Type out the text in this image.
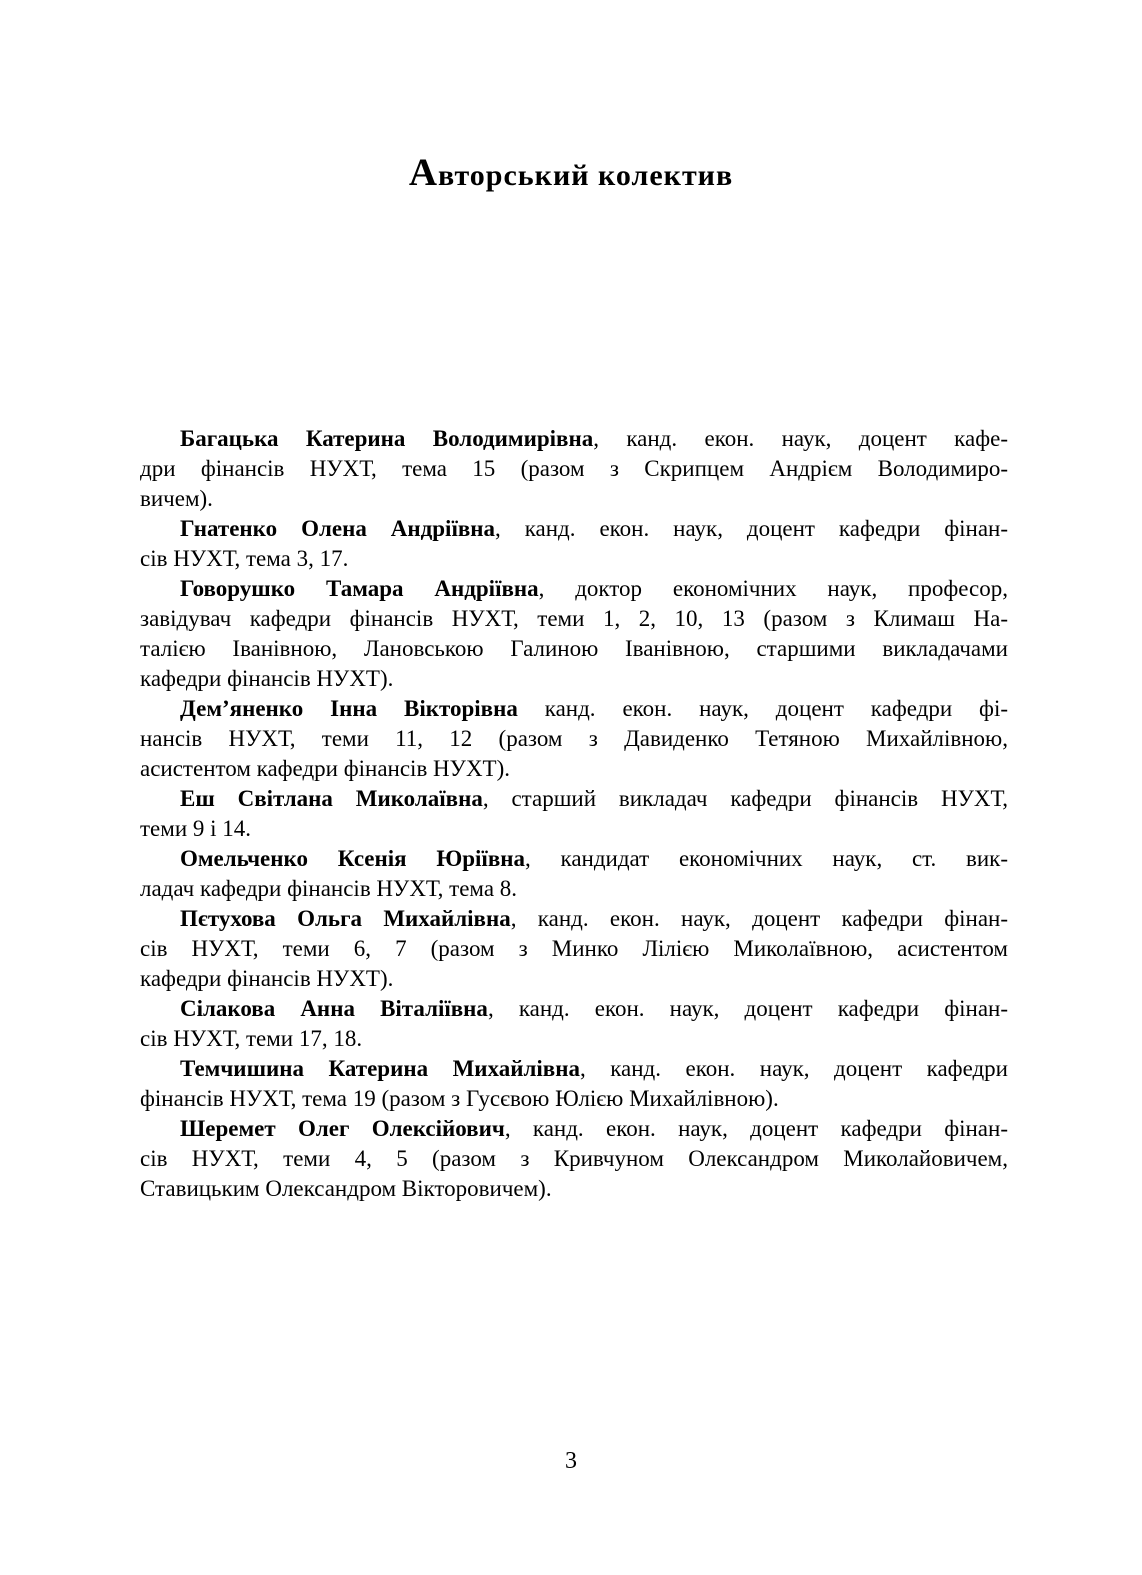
Авторський колектив
Багацька Катерина Володимирівна, канд. екон. наук, доцент кафе-
дри фінансів НУХТ, тема 15 (разом з Скрипцем Андрієм Володимиро-
вичем).
Гнатенко Олена Андріївна, канд. екон. наук, доцент кафедри фінан-
сів НУХТ, тема 3, 17.
Говорушко Тамара Андріївна, доктор економічних наук, професор,
завідувач кафедри фінансів НУХТ, теми 1, 2, 10, 13 (разом з Климаш На-
талією Іванівною, Лановською Галиною Іванівною, старшими викладачами
кафедри фінансів НУХТ).
Дем’яненко Інна Вікторівна канд. екон. наук, доцент кафедри фі-
нансів НУХТ, теми 11, 12 (разом з Давиденко Тетяною Михайлівною,
асистентом кафедри фінансів НУХТ).
Еш Світлана Миколаївна, старший викладач кафедри фінансів НУХТ,
теми 9 і 14.
Омельченко Ксенія Юріївна, кандидат економічних наук, ст. вик-
ладач кафедри фінансів НУХТ, тема 8.
Пєтухова Ольга Михайлівна, канд. екон. наук, доцент кафедри фінан-
сів НУХТ, теми 6, 7 (разом з Минко Лілією Миколаївною, асистентом
кафедри фінансів НУХТ).
Сілакова Анна Віталіївна, канд. екон. наук, доцент кафедри фінан-
сів НУХТ, теми 17, 18.
Темчишина Катерина Михайлівна, канд. екон. наук, доцент кафедри
фінансів НУХТ, тема 19 (разом з Гусєвою Юлією Михайлівною).
Шеремет Олег Олексійович, канд. екон. наук, доцент кафедри фінан-
сів НУХТ, теми 4, 5 (разом з Кривчуном Олександром Миколайовичем,
Ставицьким Олександром Вікторовичем).
3
